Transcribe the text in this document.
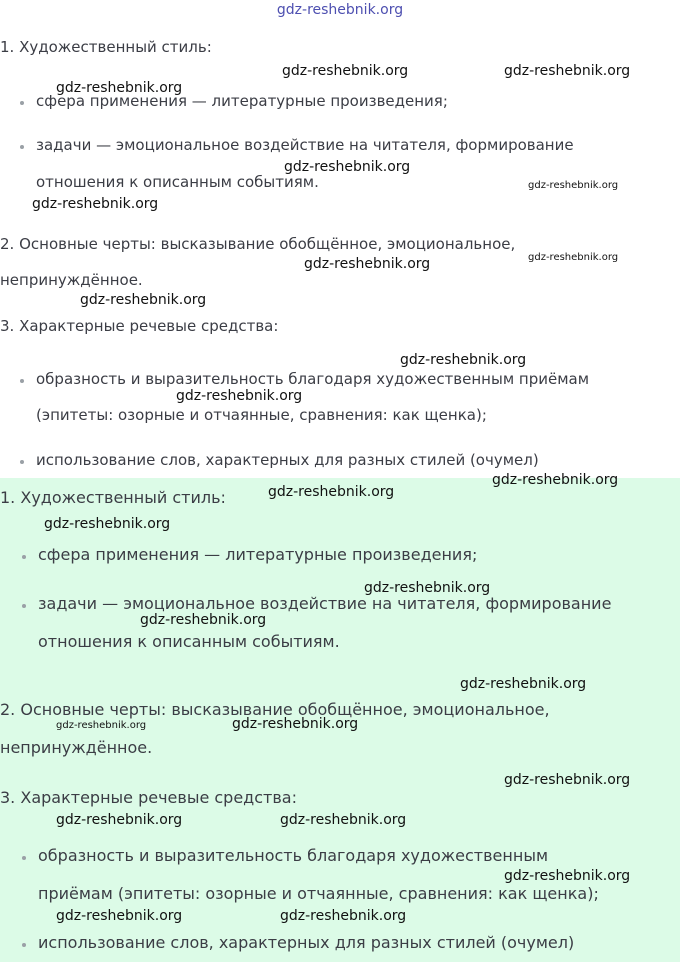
gdz-reshebnik.org
1. Художественный стиль:
сфера применения — литературные произведения;
задачи — эмоциональное воздействие на читателя, формирование
отношения к описанным событиям.
2. Основные черты: высказывание обобщённое, эмоциональное,
непринуждённое.
3. Характерные речевые средства:
образность и выразительность благодаря художественным приёмам
(эпитеты: озорные и отчаянные, сравнения: как щенка);
использование слов, характерных для разных стилей (очумел)
1. Художественный стиль:
сфера применения — литературные произведения;
задачи — эмоциональное воздействие на читателя, формирование
отношения к описанным событиям.
2. Основные черты: высказывание обобщённое, эмоциональное,
непринуждённое.
3. Характерные речевые средства:
образность и выразительность благодаря художественным
приёмам (эпитеты: озорные и отчаянные, сравнения: как щенка);
использование слов, характерных для разных стилей (очумел)
gdz-reshebnik.org	gdz-reshebnik.org
gdz-reshebnik.org
gdz-reshebnik.org
gdz-reshebnik.org
gdz-reshebnik.org
gdz-reshebnik.org
gdz-reshebnik.org
gdz-reshebnik.org
gdz-reshebnik.org
gdz-reshebnik.org
gdz-reshebnik.org
gdz-reshebnik.org
gdz-reshebnik.org
gdz-reshebnik.org
gdz-reshebnik.org
gdz-reshebnik.org
gdz-reshebnik.org	gdz-reshebnik.org
gdz-reshebnik.org
gdz-reshebnik.org	gdz-reshebnik.org
gdz-reshebnik.org
gdz-reshebnik.org	gdz-reshebnik.org
